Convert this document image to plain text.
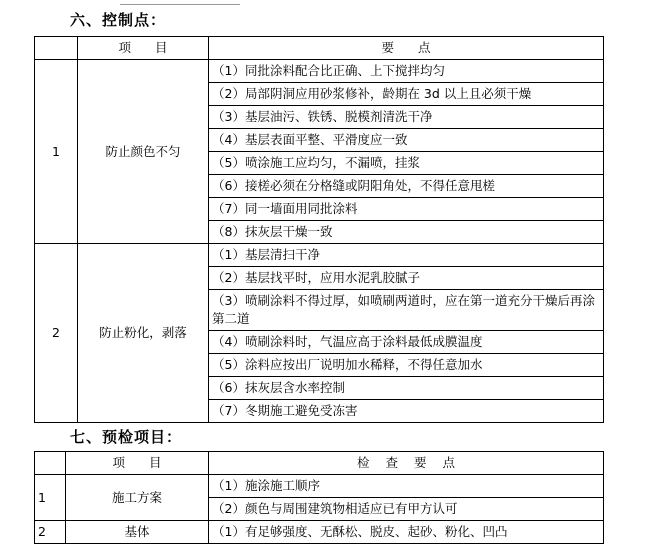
六、控制点：
	项 目	要 点
1	防止颜色不匀	（1）同批涂料配合比正确、上下搅拌均匀
		（2）局部阴洞应用砂浆修补，龄期在 3d 以上且必须干燥
		（3）基层油污、铁锈、脱模剂清洗干净
		（4）基层表面平整、平滑度应一致
		（5）喷涂施工应均匀，不漏喷，挂浆
		（6）接槎必须在分格缝或阴阳角处，不得任意甩槎
		（7）同一墙面用同批涂料
		（8）抹灰层干燥一致
2	防止粉化，剥落	（1）基层清扫干净
		（2）基层找平时，应用水泥乳胶腻子
		（3）喷刷涂料不得过厚，如喷刷两道时，应在第一道充分干燥后再涂第二道
		（4）喷刷涂料时，气温应高于涂料最低成膜温度
		（5）涂料应按出厂说明加水稀释，不得任意加水
		（6）抹灰层含水率控制
		（7）冬期施工避免受冻害
七、预检项目：
	项 目	检 查 要 点
1	施工方案	（1）施涂施工顺序
		（2）颜色与周围建筑物相适应已有甲方认可
2	基体	（1）有足够强度、无酥松、脱皮、起砂、粉化、凹凸
